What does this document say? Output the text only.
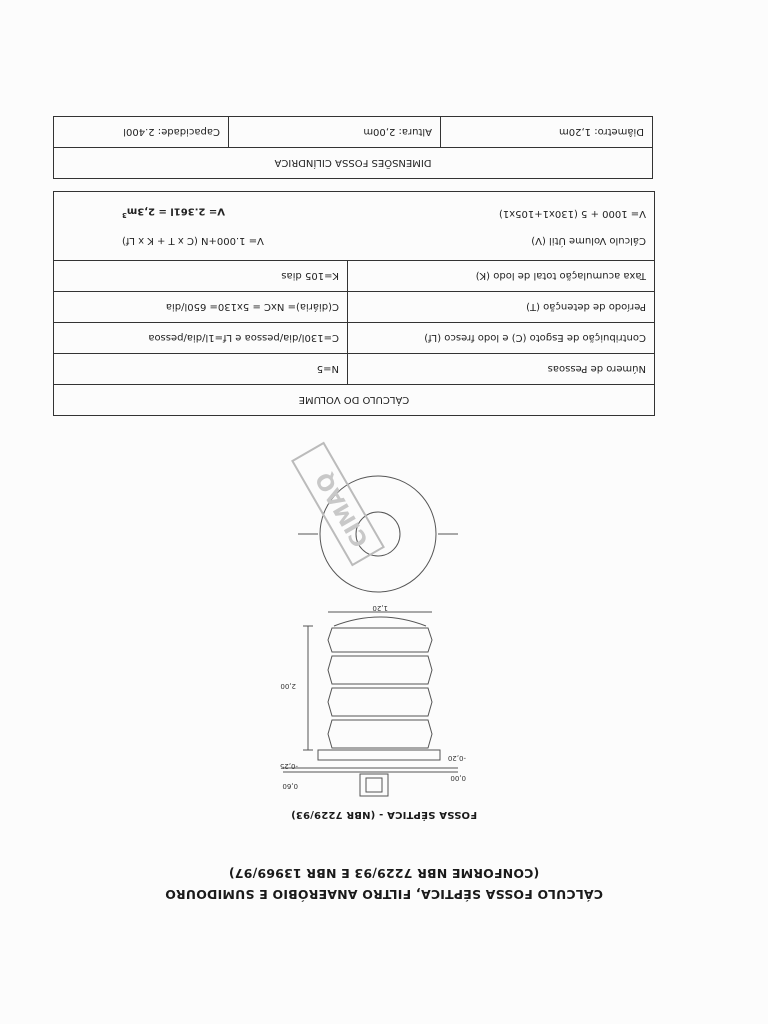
CÁLCULO FOSSA SÉPTICA, FILTRO ANAERÓBIO E SUMIDOURO
(CONFORME NBR 7229/93 E NBR 13969/97)
FOSSA SÉPTICA - (NBR 7229/93)
2,00
1,20
0,00
-0,20
-0,25
0,60
CIMAQ
CÁLCULO DO VOLUME	
Número de Pessoas	N=5
Contribuição de Esgoto (C) e lodo fresco (Lf)	C=130l/dia/pessoa e Lf=1l/dia/pessoa
Período de detenção (T)	C(diária)= NxC = 5x130= 650l/dia
Taxa acumulação total de lodo (K)	K=105 dias

Cálculo Volume Útil (V)
V= 1.000+N (C x T + K x Lf)
V= 1000 + 5 (130x1+105x1)
$V= 2.361l = 2,3m^3$
DIMENSÕES FOSSA CILÍNDRICA
Diâmetro: 1,20m	Altura: 2,00m	Capacidade: 2.400l
